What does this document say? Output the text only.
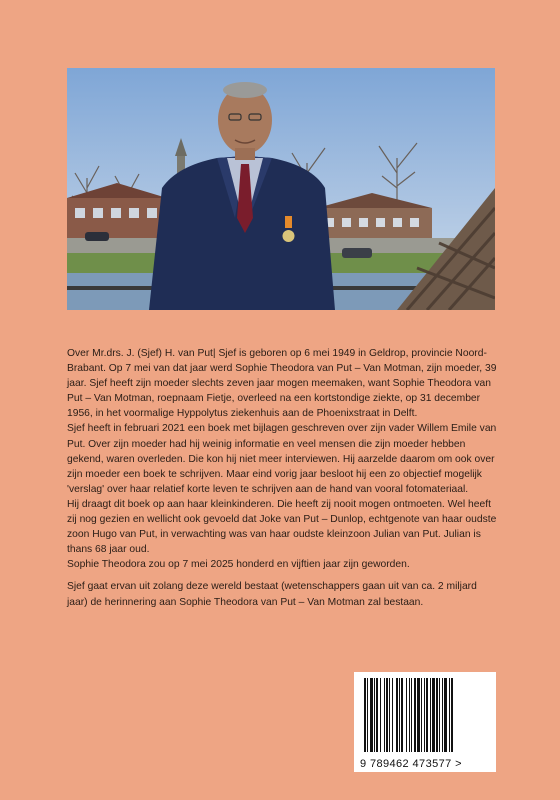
Over Mr.drs. J. (Sjef) H. van Put| Sjef is geboren op 6 mei 1949 in Geldrop, provincie Noord-Brabant. Op 7 mei van dat jaar werd Sophie Theodora van Put – Van Motman, zijn moeder, 39 jaar. Sjef heeft zijn moeder slechts zeven jaar mogen meemaken, want Sophie Theodora van Put – Van Motman, roepnaam Fietje, overleed na een kortstondige ziekte, op 31 december 1956, in het voormalige Hyppolytus ziekenhuis aan de Phoenixstraat in Delft.

Sjef heeft in februari 2021 een boek met bijlagen geschreven over zijn vader Willem Emile van Put. Over zijn moeder had hij weinig informatie en veel mensen die zijn moeder hebben gekend, waren overleden. Die kon hij niet meer interviewen. Hij aarzelde daarom om ook over zijn moeder een boek te schrijven. Maar eind vorig jaar besloot hij een zo objectief mogelijk 'verslag' over haar relatief korte leven te schrijven aan de hand van vooral fotomateriaal.

Hij draagt dit boek op aan haar kleinkinderen. Die heeft zij nooit mogen ontmoeten. Wel heeft zij nog gezien en wellicht ook gevoeld dat Joke van Put – Dunlop, echtgenote van haar oudste zoon Hugo van Put, in verwachting was van haar oudste kleinzoon Julian van Put. Julian is thans 68 jaar oud.

Sophie Theodora zou op 7 mei 2025 honderd en vijftien jaar zijn geworden.

Sjef gaat ervan uit zolang deze wereld bestaat (wetenschappers gaan uit van ca. 2 miljard jaar) de herinnering aan Sophie Theodora van Put – Van Motman zal bestaan.

9 789462 473577 >
